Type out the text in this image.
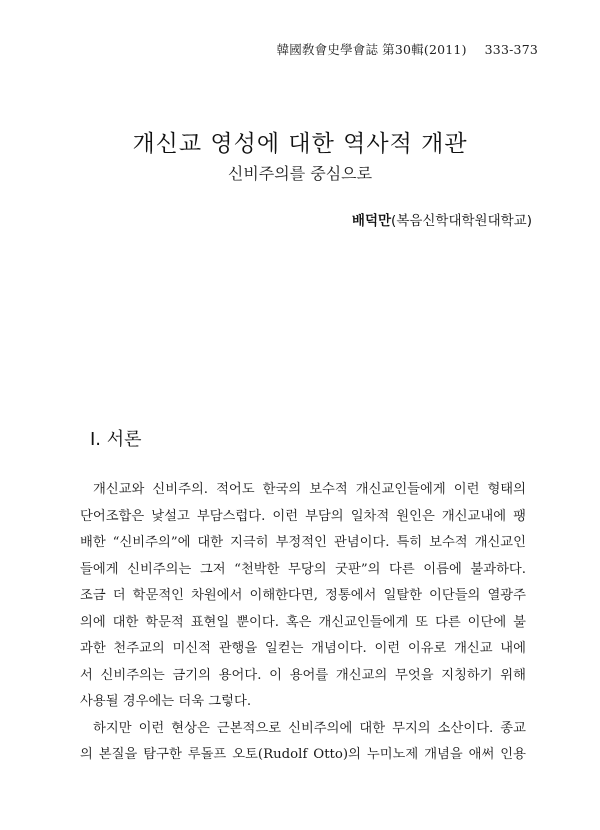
韓國敎會史學會誌 第30輯(2011) 333-373
개신교 영성에 대한 역사적 개관
신비주의를 중심으로
배덕만(복음신학대학원대학교)
Ⅰ. 서론

개신교와 신비주의. 적어도 한국의 보수적 개신교인들에게 이런 형태의
단어조합은 낯설고 부담스럽다. 이런 부담의 일차적 원인은 개신교내에 팽
배한 “신비주의”에 대한 지극히 부정적인 관념이다. 특히 보수적 개신교인
들에게 신비주의는 그저 “천박한 무당의 굿판”의 다른 이름에 불과하다.
조금 더 학문적인 차원에서 이해한다면, 정통에서 일탈한 이단들의 열광주
의에 대한 학문적 표현일 뿐이다. 혹은 개신교인들에게 또 다른 이단에 불
과한 천주교의 미신적 관행을 일컫는 개념이다. 이런 이유로 개신교 내에
서 신비주의는 금기의 용어다. 이 용어를 개신교의 무엇을 지칭하기 위해
사용될 경우에는 더욱 그렇다.

하지만 이런 현상은 근본적으로 신비주의에 대한 무지의 소산이다. 종교
의 본질을 탐구한 루돌프 오토(Rudolf Otto)의 누미노제 개념을 애써 인용
